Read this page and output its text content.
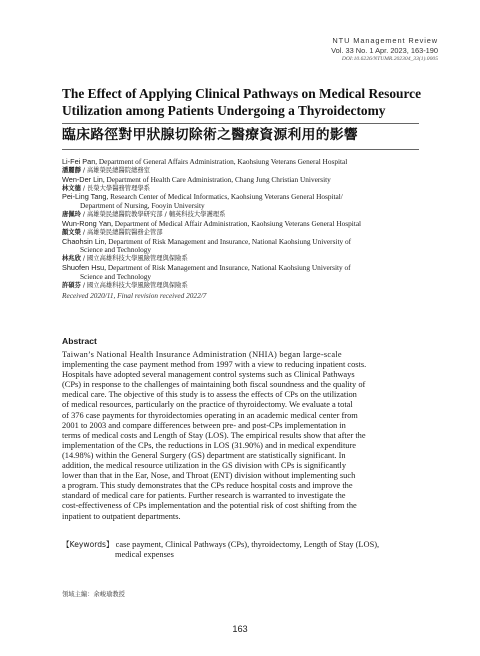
NTU Management Review
Vol. 33 No. 1 Apr. 2023, 163-190
DOI:10.6226/NTUMR.202304_33(1).0005
The Effect of Applying Clinical Pathways on Medical Resource
Utilization among Patients Undergoing a Thyroidectomy
臨床路徑對甲狀腺切除術之醫療資源利用的影響
Li-Fei Pan, Department of General Affairs Administration, Kaohsiung Veterans General Hospital
潘麗靜 / 高雄榮民總醫院總務室
Wen-Der Lin, Department of Health Care Administration, Chang Jung Christian University
林文德 / 長榮大學醫務管理學系
Pei-Ling Tang, Research Center of Medical Informatics, Kaohsiung Veterans General Hospital/
Department of Nursing, Fooyin University
唐佩玲 / 高雄榮民總醫院教學研究部 / 輔英科技大學護理系
Wun-Rong Yan, Department of Medical Affair Administration, Kaohsiung Veterans General Hospital
顏文榮 / 高雄榮民總醫院醫務企管部
Chaohsin Lin, Department of Risk Management and Insurance, National Kaohsiung University of
Science and Technology
林兆欣 / 國立高雄科技大學風險管理與保險系
Shuofen Hsu, Department of Risk Management and Insurance, National Kaohsiung University of
Science and Technology
許碩芬 / 國立高雄科技大學風險管理與保險系
Received 2020/11, Final revision received 2022/7
Abstract
Taiwan’s National Health Insurance Administration (NHIA) began large-scale
implementing the case payment method from 1997 with a view to reducing inpatient costs.
Hospitals have adopted several management control systems such as Clinical Pathways
(CPs) in response to the challenges of maintaining both fiscal soundness and the quality of
medical care. The objective of this study is to assess the effects of CPs on the utilization
of medical resources, particularly on the practice of thyroidectomy. We evaluate a total
of 376 case payments for thyroidectomies operating in an academic medical center from
2001 to 2003 and compare differences between pre- and post-CPs implementation in
terms of medical costs and Length of Stay (LOS). The empirical results show that after the
implementation of the CPs, the reductions in LOS (31.90%) and in medical expenditure
(14.98%) within the General Surgery (GS) department are statistically significant. In
addition, the medical resource utilization in the GS division with CPs is significantly
lower than that in the Ear, Nose, and Throat (ENT) division without implementing such
a program. This study demonstrates that the CPs reduce hospital costs and improve the
standard of medical care for patients. Further research is warranted to investigate the
cost-effectiveness of CPs implementation and the potential risk of cost shifting from the
inpatient to outpatient departments.
【Keywords】 case payment, Clinical Pathways (CPs), thyroidectomy, Length of Stay (LOS),
medical expenses
領域主編：余峻瑜教授
163
